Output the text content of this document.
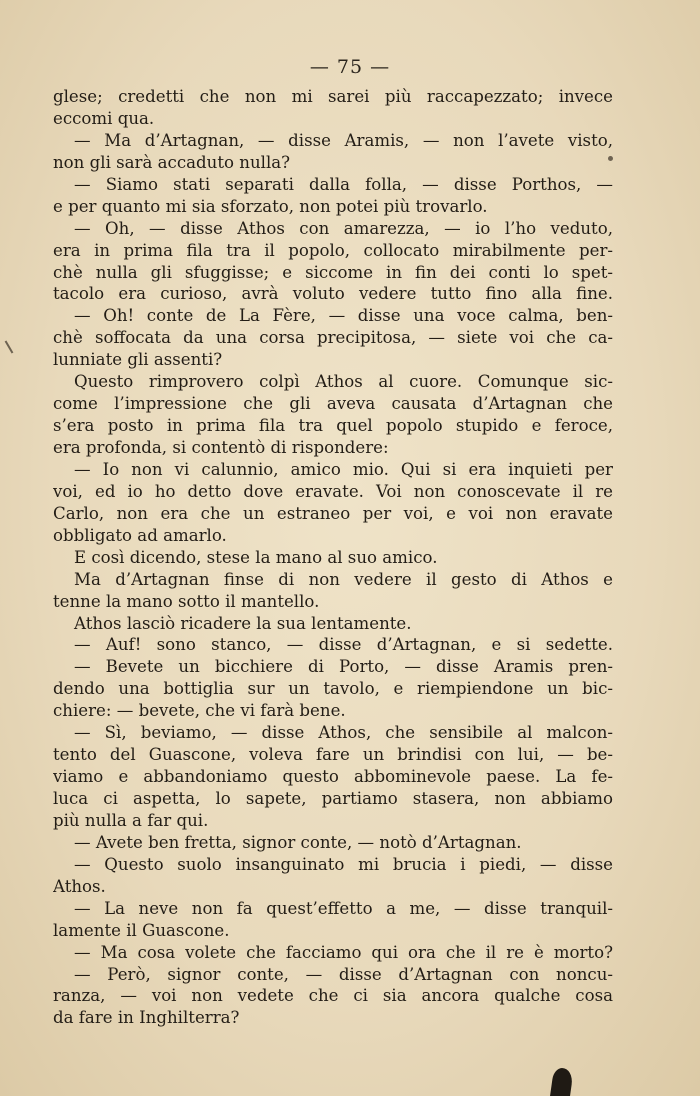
— 75 —
glese; credetti che non mi sarei più raccapezzato; invece
eccomi qua.
— Ma d’Artagnan, — disse Aramis, — non l’avete visto,
non gli sarà accaduto nulla?
— Siamo stati separati dalla folla, — disse Porthos, —
e per quanto mi sia sforzato, non potei più trovarlo.
— Oh, — disse Athos con amarezza, — io l’ho veduto,
era in prima fila tra il popolo, collocato mirabilmente per-
chè nulla gli sfuggisse; e siccome in fin dei conti lo spet-
tacolo era curioso, avrà voluto vedere tutto fino alla fine.
— Oh! conte de La Fère, — disse una voce calma, ben-
chè soffocata da una corsa precipitosa, — siete voi che ca-
lunniate gli assenti?
Questo rimprovero colpì Athos al cuore. Comunque sic-
come l’impressione che gli aveva causata d’Artagnan che
s’era posto in prima fila tra quel popolo stupido e feroce,
era profonda, si contentò di rispondere:
— Io non vi calunnio, amico mio. Qui si era inquieti per
voi, ed io ho detto dove eravate. Voi non conoscevate il re
Carlo, non era che un estraneo per voi, e voi non eravate
obbligato ad amarlo.
E così dicendo, stese la mano al suo amico.
Ma d’Artagnan finse di non vedere il gesto di Athos e
tenne la mano sotto il mantello.
Athos lasciò ricadere la sua lentamente.
— Auf! sono stanco, — disse d’Artagnan, e si sedette.
— Bevete un bicchiere di Porto, — disse Aramis pren-
dendo una bottiglia sur un tavolo, e riempiendone un bic-
chiere: — bevete, che vi farà bene.
— Sì, beviamo, — disse Athos, che sensibile al malcon-
tento del Guascone, voleva fare un brindisi con lui, — be-
viamo e abbandoniamo questo abbominevole paese. La fe-
luca ci aspetta, lo sapete, partiamo stasera, non abbiamo
più nulla a far qui.
— Avete ben fretta, signor conte, — notò d’Artagnan.
— Questo suolo insanguinato mi brucia i piedi, — disse
Athos.
— La neve non fa quest’effetto a me, — disse tranquil-
lamente il Guascone.
— Ma cosa volete che facciamo qui ora che il re è morto?
— Però, signor conte, — disse d’Artagnan con noncu-
ranza, — voi non vedete che ci sia ancora qualche cosa
da fare in Inghilterra?
